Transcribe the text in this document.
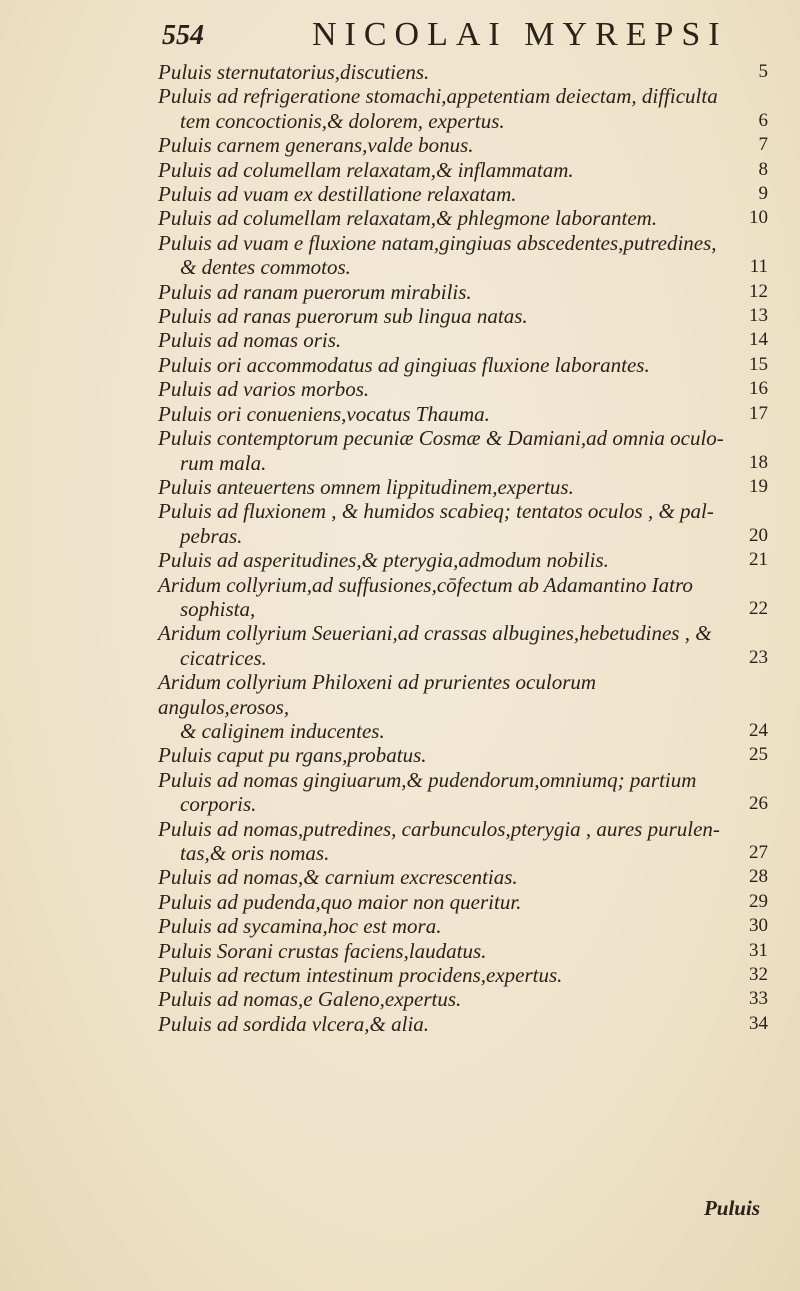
554	NICOLAI MYREPSI
Puluis sternutatorius,discutiens.	5
Puluis ad refrigeratione stomachi,appetentiam deiectam, difficulta
tem concoctionis,& dolorem, expertus.	6
Puluis carnem generans,valde bonus.	7
Puluis ad columellam relaxatam,& inflammatam.	8
Puluis ad vuam ex destillatione relaxatam.	9
Puluis ad columellam relaxatam,& phlegmone laborantem.	10
Puluis ad vuam e fluxione natam,gingiuas abscedentes,putredines,
& dentes commotos.	11
Puluis ad ranam puerorum mirabilis.	12
Puluis ad ranas puerorum sub lingua natas.	13
Puluis ad nomas oris.	14
Puluis ori accommodatus ad gingiuas fluxione laborantes.	15
Puluis ad varios morbos.	16
Puluis ori conueniens,vocatus Thauma.	17
Puluis contemptorum pecuniæ Cosmæ & Damiani,ad omnia oculo-
rum mala.	18
Puluis anteuertens omnem lippitudinem,expertus.	19
Puluis ad fluxionem , & humidos scabieq; tentatos oculos , & pal-
pebras.	20
Puluis ad asperitudines,& pterygia,admodum nobilis.	21
Aridum collyrium,ad suffusiones,cōfectum ab Adamantino Iatro
sophista,	22
Aridum collyrium Seueriani,ad crassas albugines,hebetudines , &
cicatrices.	23
Aridum collyrium Philoxeni ad prurientes oculorum angulos,erosos,
& caliginem inducentes.	24
Puluis caput pu rgans,probatus.	25
Puluis ad nomas gingiuarum,& pudendorum,omniumq; partium
corporis.	26
Puluis ad nomas,putredines, carbunculos,pterygia , aures purulen-
tas,& oris nomas.	27
Puluis ad nomas,& carnium excrescentias.	28
Puluis ad pudenda,quo maior non queritur.	29
Puluis ad sycamina,hoc est mora.	30
Puluis Sorani crustas faciens,laudatus.	31
Puluis ad rectum intestinum procidens,expertus.	32
Puluis ad nomas,e Galeno,expertus.	33
Puluis ad sordida vlcera,& alia.	34
Puluis
